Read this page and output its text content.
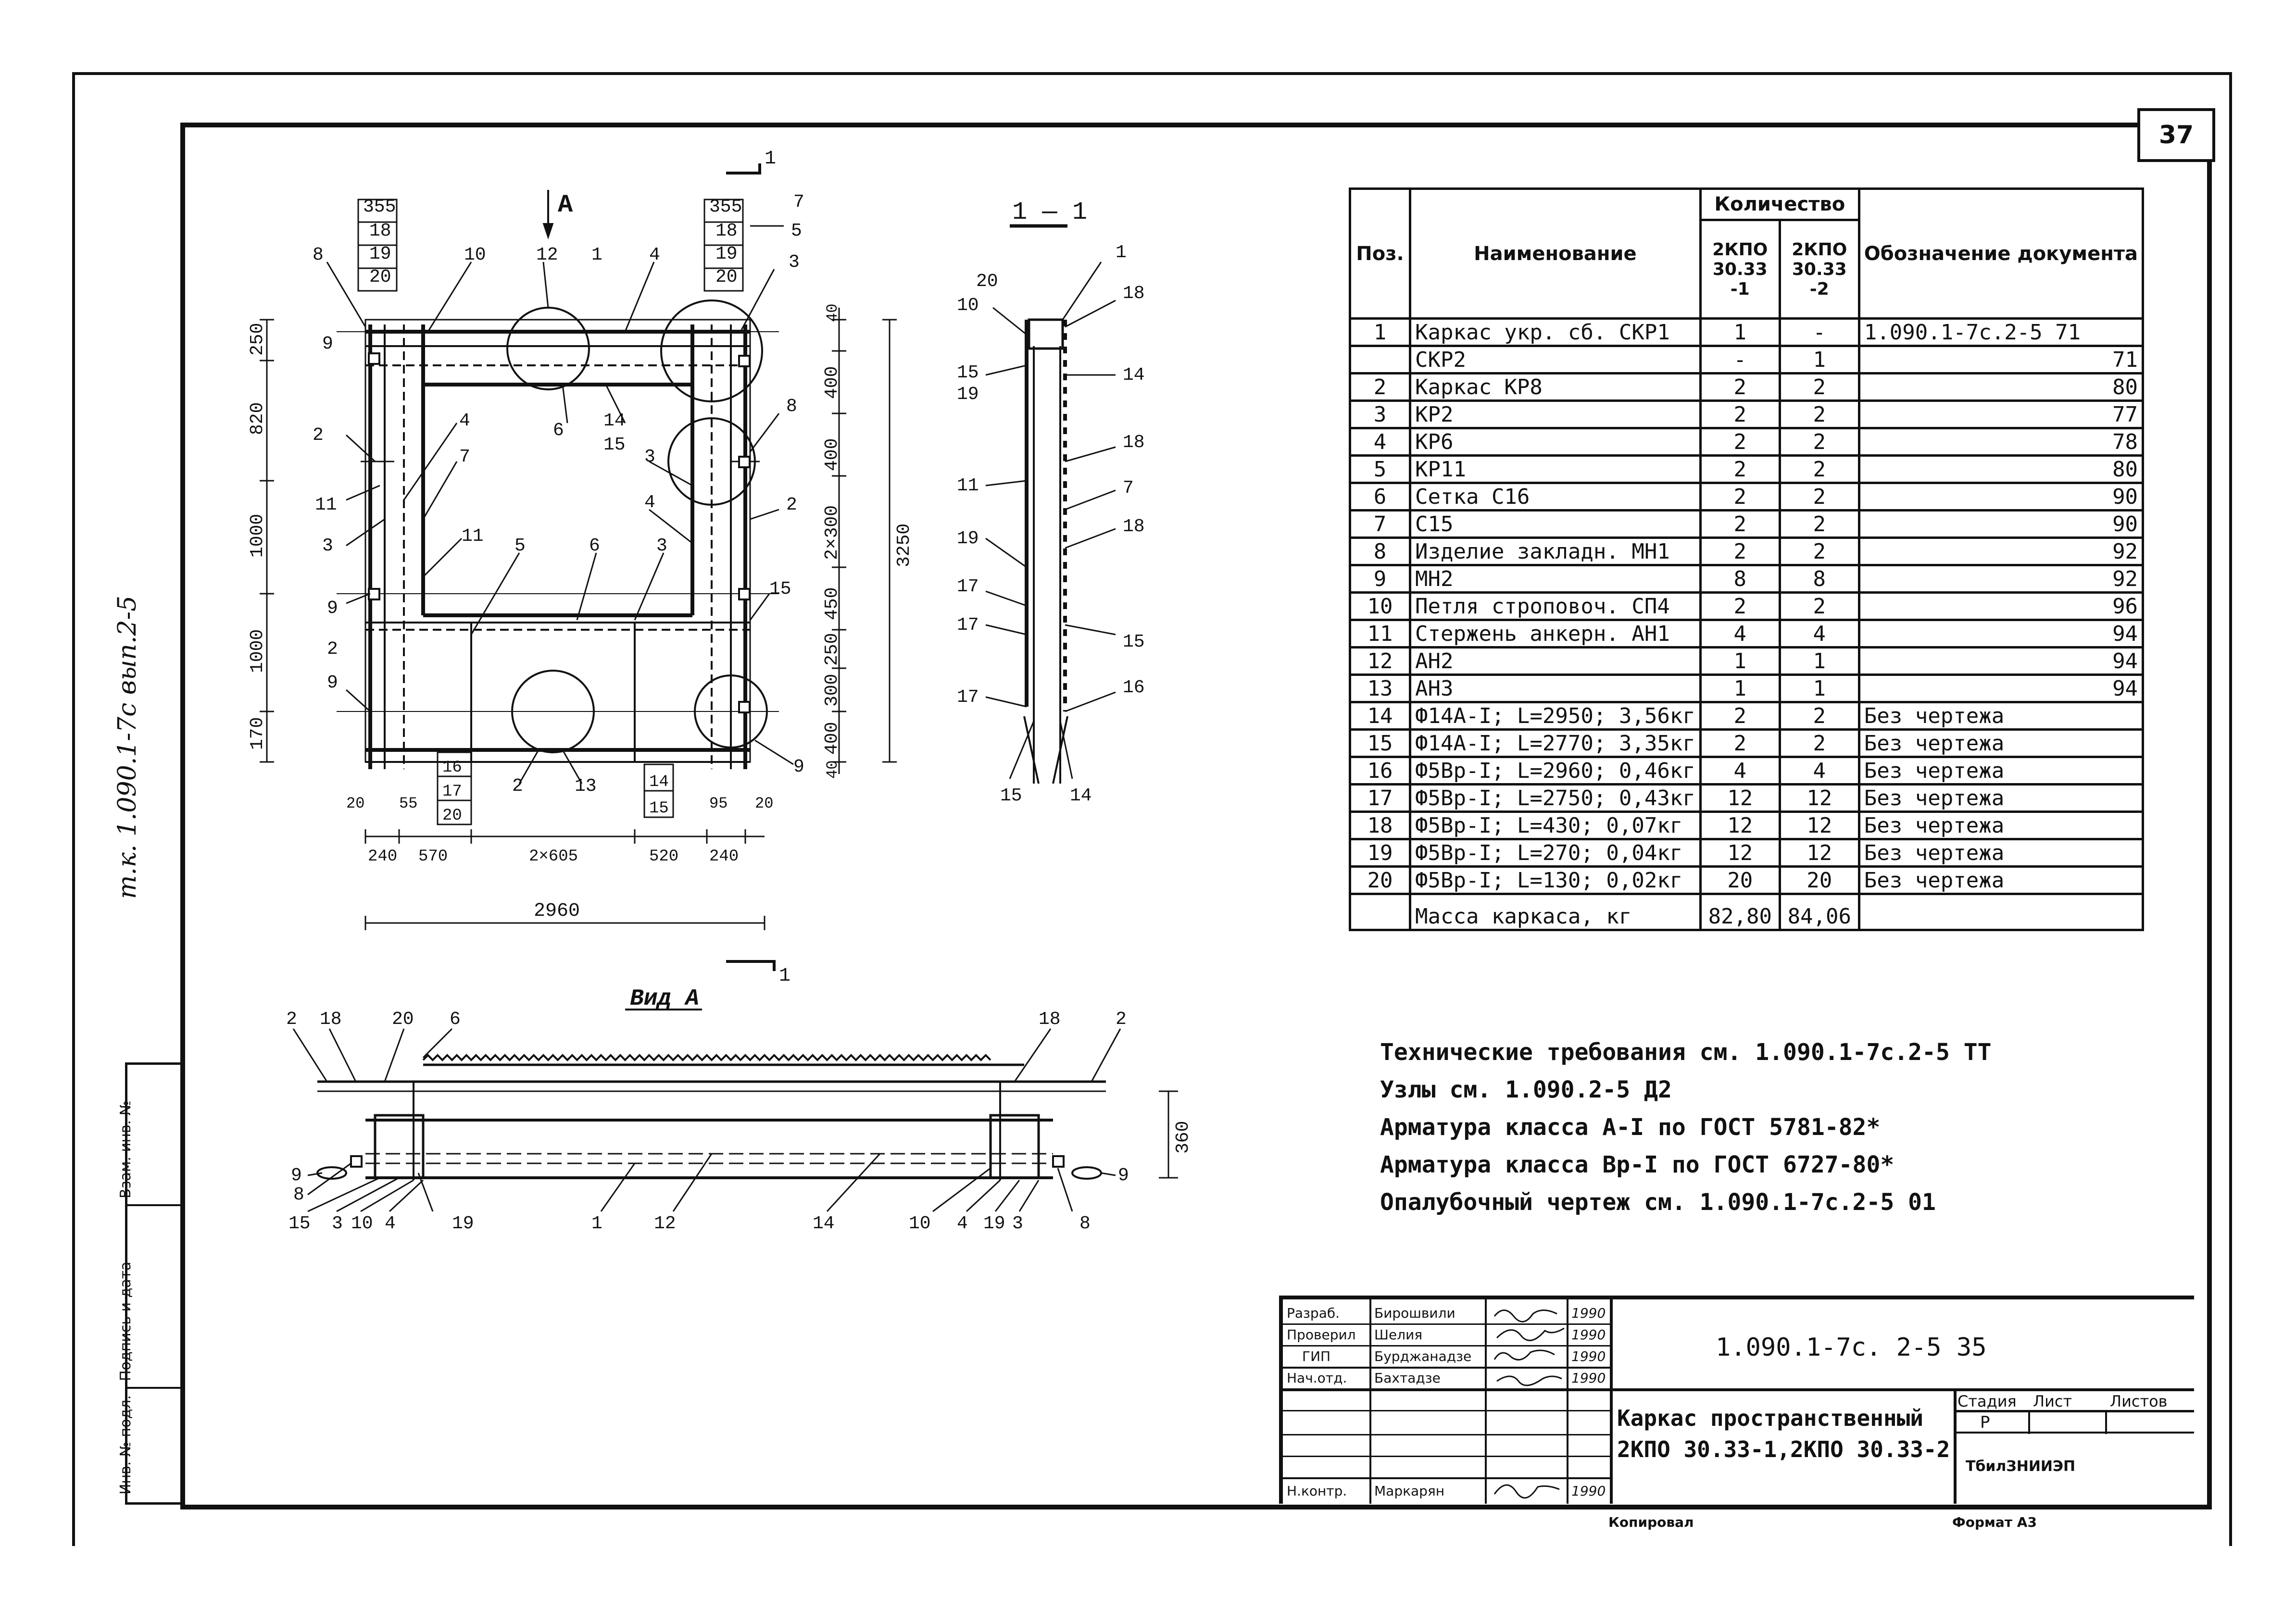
37
т.к. 1.090.1-7с вып.2-5
Взам. инв. №
Подпись и дата
Инв. № подл.
355	355
18
19
20
18
19
20
1 — 1
Вид А
А
1
1
250
820
1000
1000
170
40
400
400
2×300
450
250
300
400
40
3250
20 55	95 20
240 570	2×605	520 240
2960
16
17
20
14
15
360
8	10	12 1	4
7
5
3
9
2
11
3
4
7
6 14
15
8
2
3
5	6	3
4
9
2
9
11
2	13
9
15
20
10
1
18
15
19
14
18
11	7
19
18
17
17
15
17	16
15	14
2 18	20 6	18	2
9
8
15 3 10 4	19	1	12	14	10 4 19 3	8
9
Поз.	Наименование	Количество		Обозначение документа
		2КПО 30.33 -1	2КПО 30.33 -2	
1	Каркас укр. сб. СКР1	1	-	1.090.1-7с.2-5 71
	СКР2	-	1	71
2	Каркас КР8	2	2	80
3	КР2	2	2	77
4	КР6	2	2	78
5	КР11	2	2	80
6	Сетка С16	2	2	90
7	С15	2	2	90
8	Изделие закладн. МН1	2	2	92
9	МН2	8	8	92
10	Петля строповоч. СП4	2	2	96
11	Стержень анкерн. АН1	4	4	94
12	АН2	1	1	94
13	АН3	1	1	94
14	Ф14А-I; L=2950; 3,56кг	2	2	Без чертежа
15	Ф14А-I; L=2770; 3,35кг	2	2	Без чертежа
16	Ф5Вр-I; L=2960; 0,46кг	4	4	Без чертежа
17	Ф5Вр-I; L=2750; 0,43кг	12	12	Без чертежа
18	Ф5Вр-I; L=430; 0,07кг	12	12	Без чертежа
19	Ф5Вр-I; L=270; 0,04кг	12	12	Без чертежа
20	Ф5Вр-I; L=130; 0,02кг	20	20	Без чертежа
	Масса каркаса, кг	82,80	84,06	
Технические требования см. 1.090.1-7с.2-5 ТТ
Узлы см. 1.090.2-5 Д2
Арматура класса А-I по ГОСТ 5781-82*
Арматура класса Вр-I по ГОСТ 6727-80*
Опалубочный чертеж см. 1.090.1-7с.2-5 01
Разраб.
Проверил
ГИП
Нач.отд.
Н.контр.
Бирошвили
Шелия
Бурджанадзе
Бахтадзе
Маркарян
1990
1990
1990
1990
1990
1.090.1-7с. 2-5 35
Каркас пространственный
2КПО 30.33-1,2КПО 30.33-2
Стадия Лист Листов
Р
ТбилЗНИИЭП
Копировал	Формат А3
